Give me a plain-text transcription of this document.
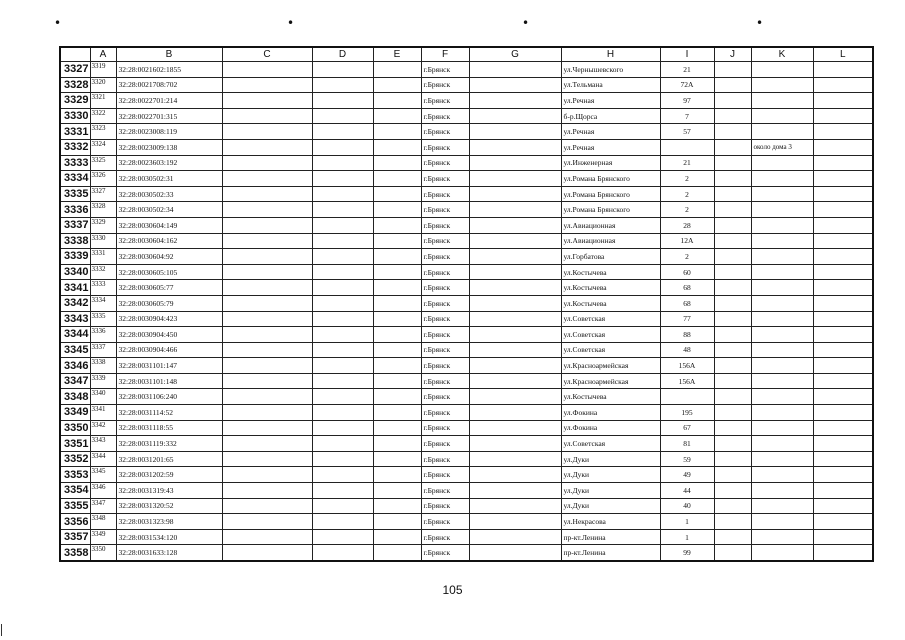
•	•	•	•
	A	B	C	D	E	F	G	H	I	J	K	L
3327	3319	32:28:0021602:1855				г.Брянск		ул.Чернышевского	21			
3328	3320	32:28:0021708:702				г.Брянск		ул.Тельмана	72А			
3329	3321	32:28:0022701:214				г.Брянск		ул.Речная	97			
3330	3322	32:28:0022701:315				г.Брянск		б-р.Щорса	7			
3331	3323	32:28:0023008:119				г.Брянск		ул.Речная	57			
3332	3324	32:28:0023009:138				г.Брянск		ул.Речная			около дома 3	
3333	3325	32:28:0023603:192				г.Брянск		ул.Инженерная	21			
3334	3326	32:28:0030502:31				г.Брянск		ул.Романа Брянского	2			
3335	3327	32:28:0030502:33				г.Брянск		ул.Романа Брянского	2			
3336	3328	32:28:0030502:34				г.Брянск		ул.Романа Брянского	2			
3337	3329	32:28:0030604:149				г.Брянск		ул.Авиационная	28			
3338	3330	32:28:0030604:162				г.Брянск		ул.Авиационная	12А			
3339	3331	32:28:0030604:92				г.Брянск		ул.Горбатова	2			
3340	3332	32:28:0030605:105				г.Брянск		ул.Костычева	60			
3341	3333	32:28:0030605:77				г.Брянск		ул.Костычева	68			
3342	3334	32:28:0030605:79				г.Брянск		ул.Костычева	68			
3343	3335	32:28:0030904:423				г.Брянск		ул.Советская	77			
3344	3336	32:28:0030904:450				г.Брянск		ул.Советская	88			
3345	3337	32:28:0030904:466				г.Брянск		ул.Советская	48			
3346	3338	32:28:0031101:147				г.Брянск		ул.Красноармейская	156А			
3347	3339	32:28:0031101:148				г.Брянск		ул.Красноармейская	156А			
3348	3340	32:28:0031106:240				г.Брянск		ул.Костычева				
3349	3341	32:28:0031114:52				г.Брянск		ул.Фокина	195			
3350	3342	32:28:0031118:55				г.Брянск		ул.Фокина	67			
3351	3343	32:28:0031119:332				г.Брянск		ул.Советская	81			
3352	3344	32:28:0031201:65				г.Брянск		ул.Дуки	59			
3353	3345	32:28:0031202:59				г.Брянск		ул.Дуки	49			
3354	3346	32:28:0031319:43				г.Брянск		ул.Дуки	44			
3355	3347	32:28:0031320:52				г.Брянск		ул.Дуки	40			
3356	3348	32:28:0031323:98				г.Брянск		ул.Некрасова	1			
3357	3349	32:28:0031534:120				г.Брянск		пр-кт.Ленина	1			
3358	3350	32:28:0031633:128				г.Брянск		пр-кт.Ленина	99			
105
